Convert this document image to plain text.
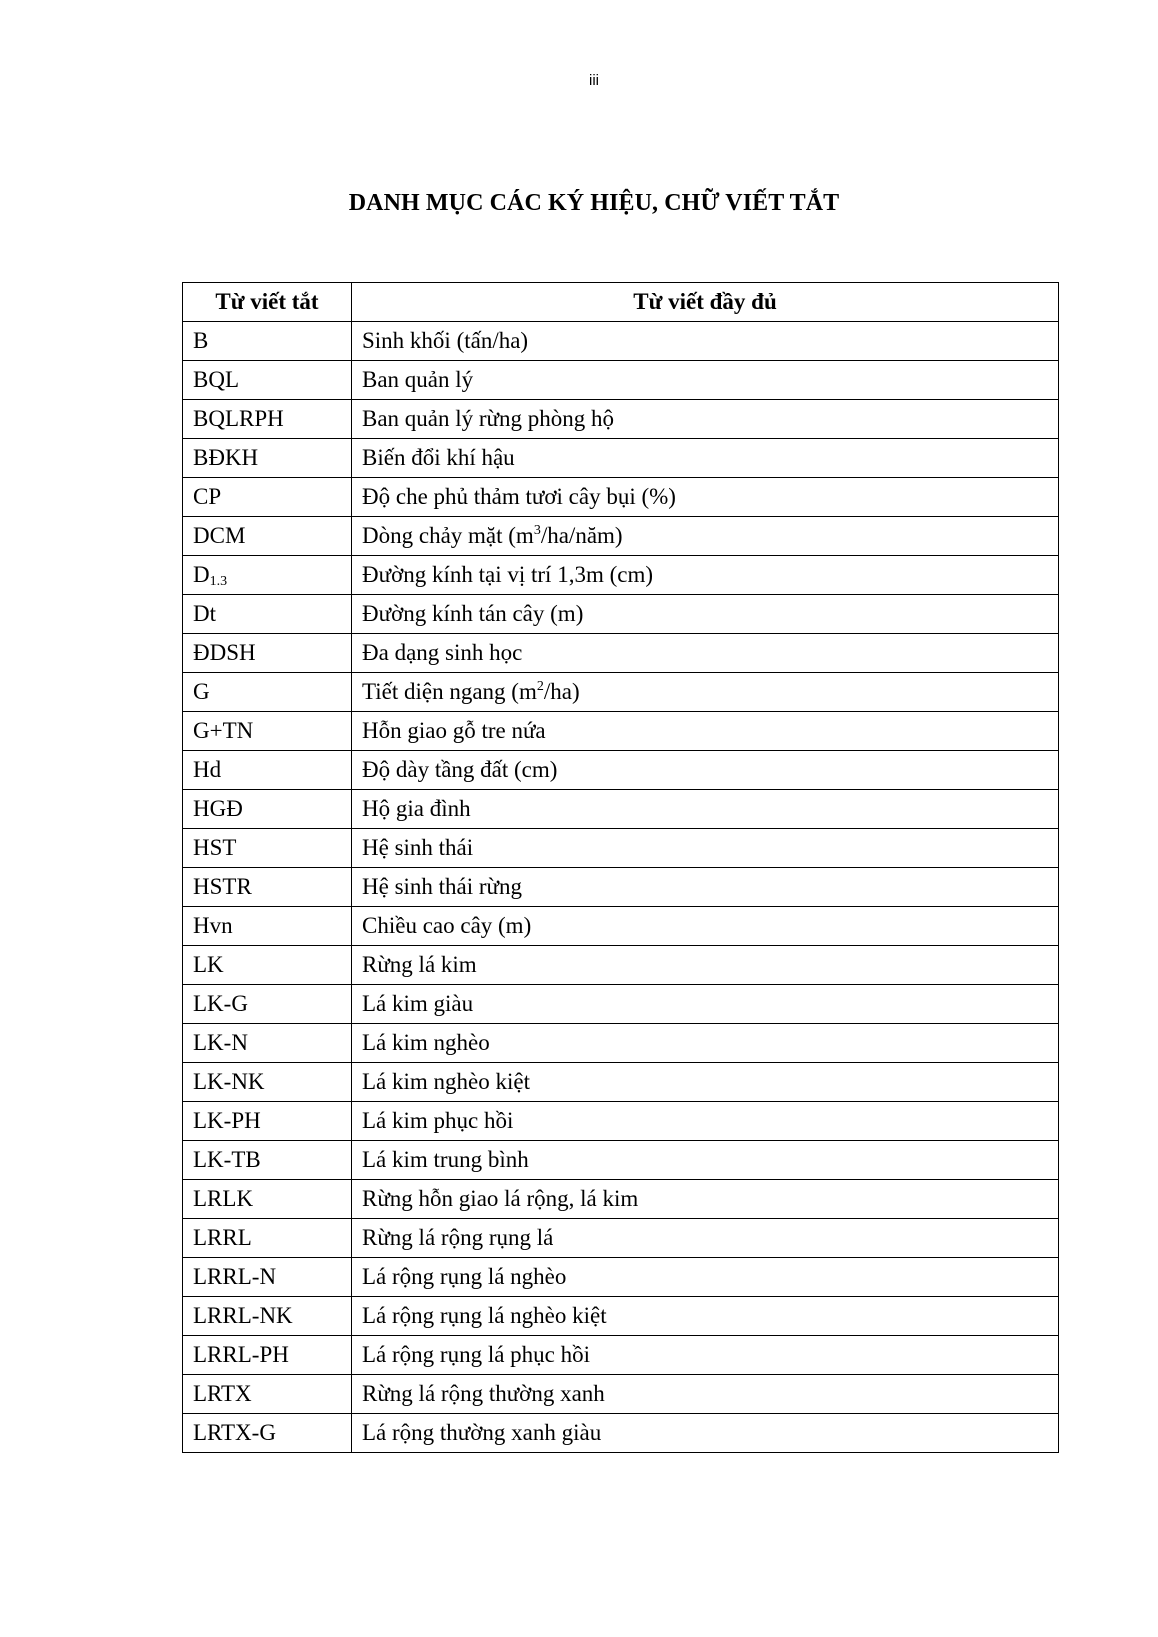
iii
DANH MỤC CÁC KÝ HIỆU, CHỮ VIẾT TẮT
Từ viết tắt	Từ viết đầy đủ
B	Sinh khối (tấn/ha)
BQL	Ban quản lý
BQLRPH	Ban quản lý rừng phòng hộ
BĐKH	Biến đổi khí hậu
CP	Độ che phủ thảm tươi cây bụi (%)
DCM	Dòng chảy mặt $(m^3/ha/năm)$
$D_{1.3}$	Đường kính tại vị trí 1,3m (cm)
Dt	Đường kính tán cây (m)
ĐDSH	Đa dạng sinh học
G	Tiết diện ngang $(m^2/ha)$
G+TN	Hỗn giao gỗ tre nứa
Hd	Độ dày tầng đất (cm)
HGĐ	Hộ gia đình
HST	Hệ sinh thái
HSTR	Hệ sinh thái rừng
Hvn	Chiều cao cây (m)
LK	Rừng lá kim
LK-G	Lá kim giàu
LK-N	Lá kim nghèo
LK-NK	Lá kim nghèo kiệt
LK-PH	Lá kim phục hồi
LK-TB	Lá kim trung bình
LRLK	Rừng hỗn giao lá rộng, lá kim
LRRL	Rừng lá rộng rụng lá
LRRL-N	Lá rộng rụng lá nghèo
LRRL-NK	Lá rộng rụng lá nghèo kiệt
LRRL-PH	Lá rộng rụng lá phục hồi
LRTX	Rừng lá rộng thường xanh
LRTX-G	Lá rộng thường xanh giàu
